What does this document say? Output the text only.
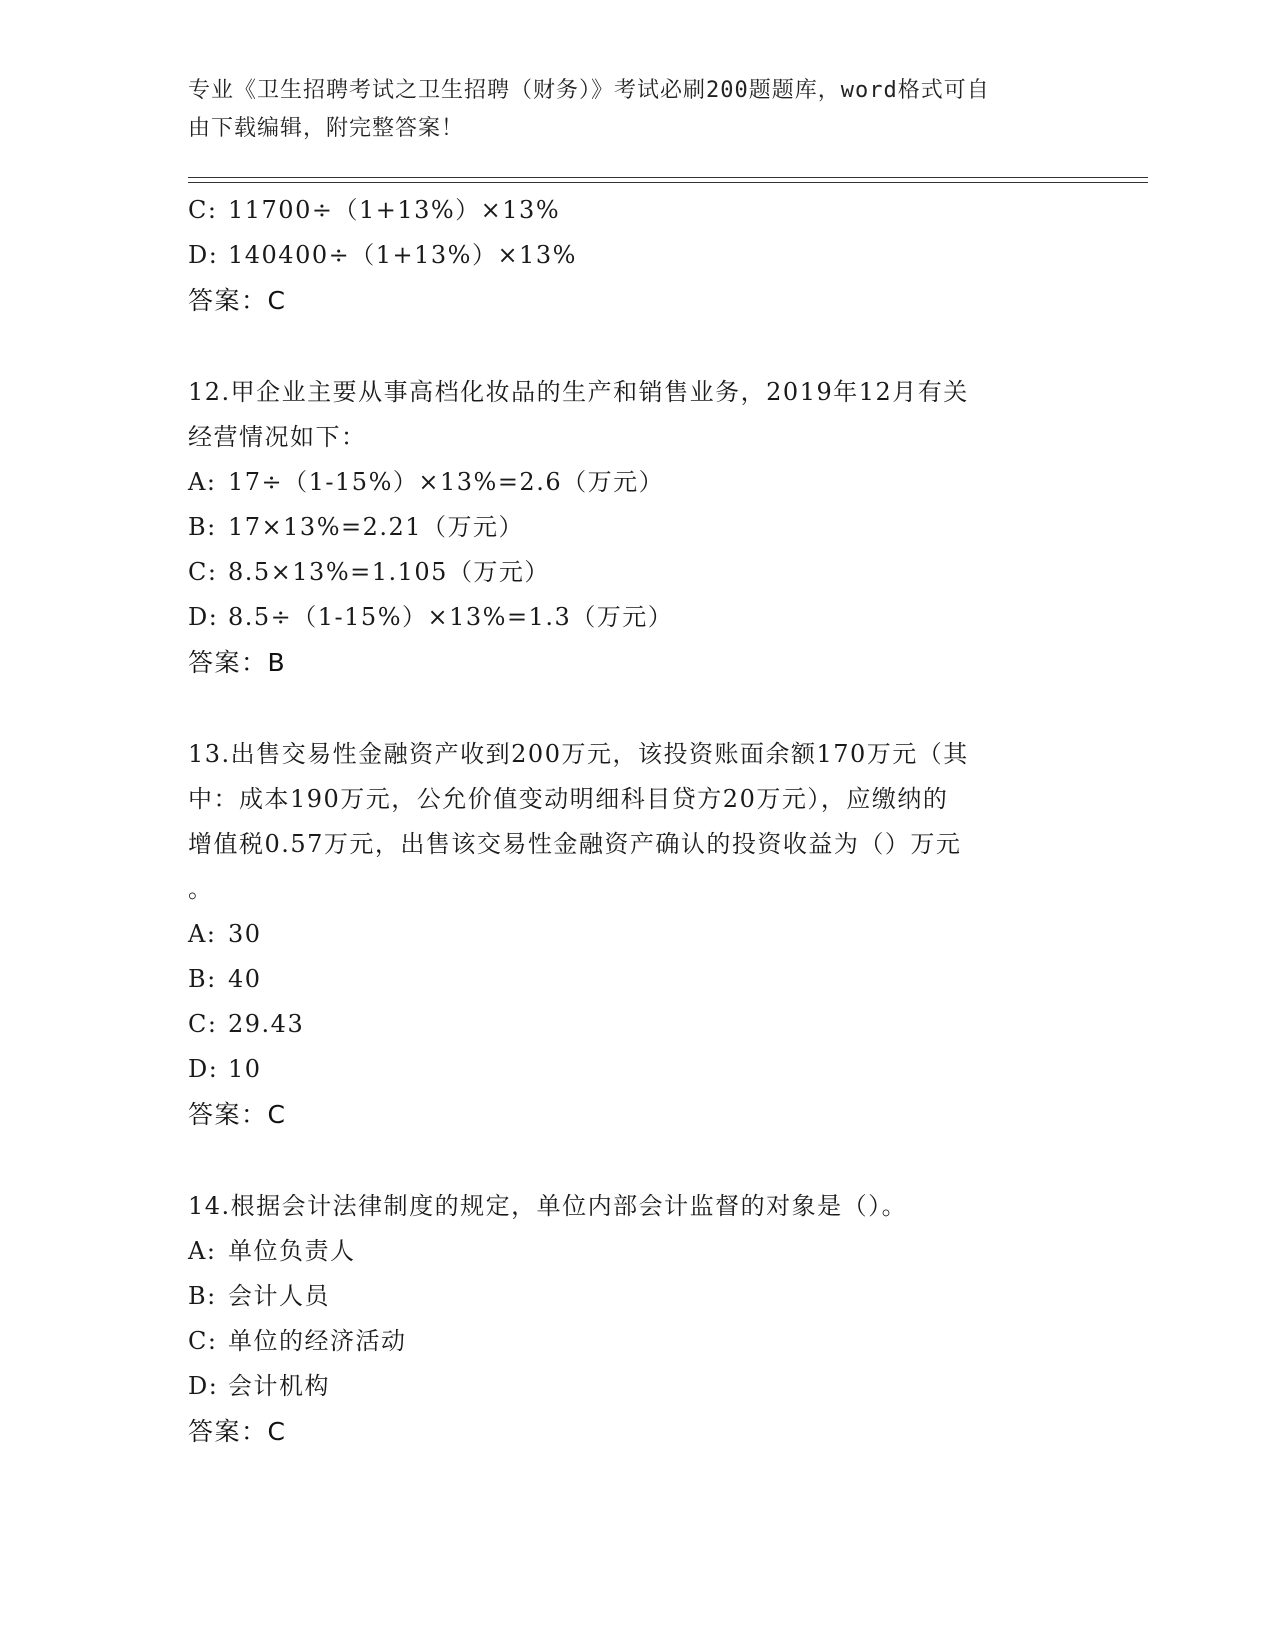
专业《卫生招聘考试之卫生招聘（财务）》考试必刷200题题库，word格式可自
由下载编辑，附完整答案！
C: 11700÷（1+13%）×13%
D: 140400÷（1+13%）×13%
答案：C
12.甲企业主要从事高档化妆品的生产和销售业务，2019年12月有关
经营情况如下：
A: 17÷（1-15%）×13%=2.6（万元）
B: 17×13%=2.21（万元）
C: 8.5×13%=1.105（万元）
D: 8.5÷（1-15%）×13%=1.3（万元）
答案：B
13.出售交易性金融资产收到200万元，该投资账面余额170万元（其
中：成本190万元，公允价值变动明细科目贷方20万元），应缴纳的
增值税0.57万元，出售该交易性金融资产确认的投资收益为（）万元
。
A: 30
B: 40
C: 29.43
D: 10
答案：C
14.根据会计法律制度的规定，单位内部会计监督的对象是（）。
A: 单位负责人
B: 会计人员
C: 单位的经济活动
D: 会计机构
答案：C
